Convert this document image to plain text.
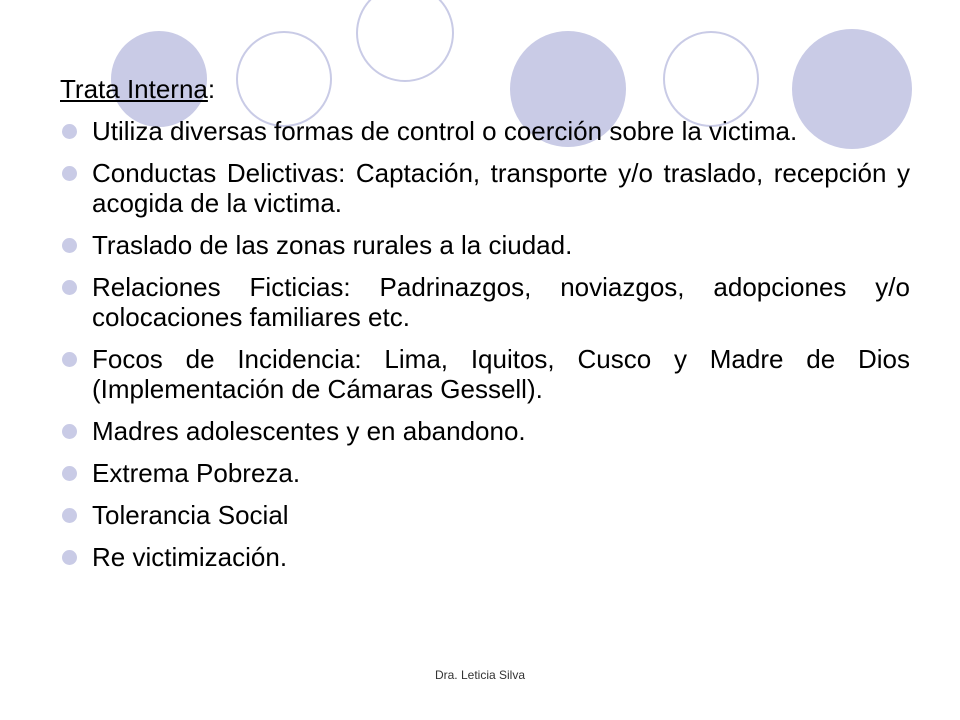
Trata Interna:
Utiliza diversas formas de control o coerción sobre la victima.
Conductas Delictivas: Captación, transporte y/o traslado, recepción y acogida de la victima.
Traslado de las zonas rurales a la ciudad.
Relaciones Ficticias: Padrinazgos, noviazgos, adopciones y/o colocaciones familiares etc.
Focos de Incidencia: Lima, Iquitos, Cusco y Madre de Dios (Implementación de Cámaras Gessell).
Madres adolescentes y en abandono.
Extrema Pobreza.
Tolerancia Social
Re victimización.
Dra. Leticia Silva
